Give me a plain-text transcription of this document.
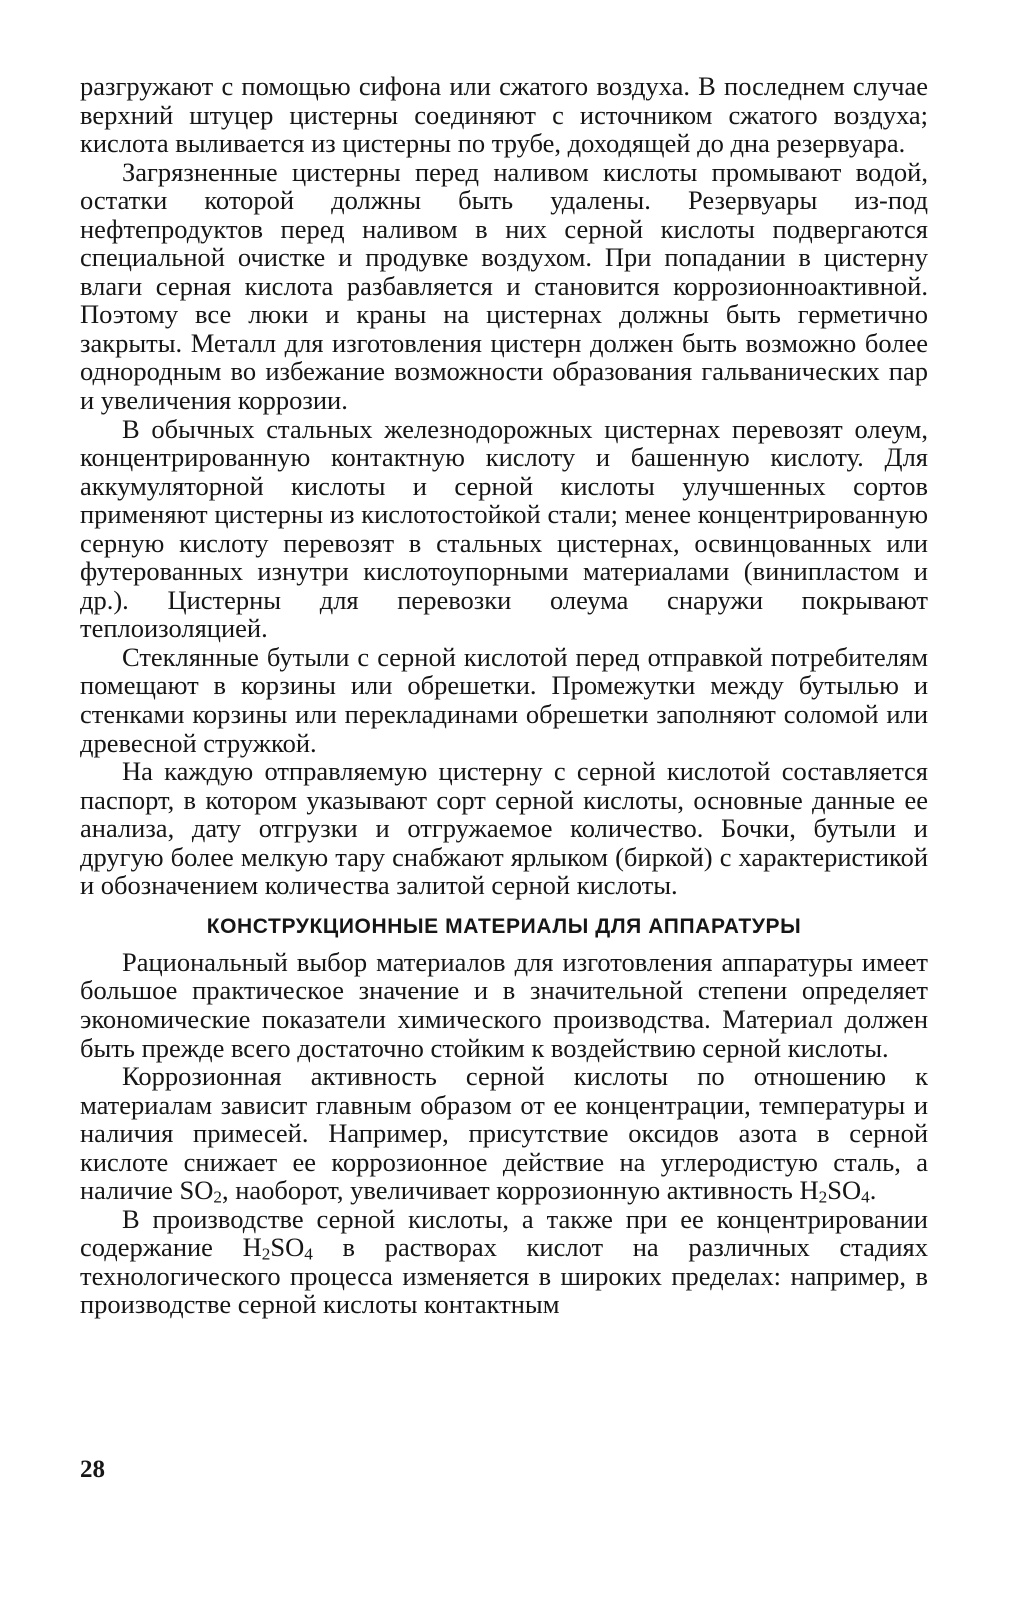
разгружают с помощью сифона или сжатого воздуха. В последнем случае верхний штуцер цистерны соединяют с источником сжатого воздуха; кислота выливается из цистерны по трубе, доходящей до дна резервуара.

Загрязненные цистерны перед наливом кислоты промывают водой, остатки которой должны быть удалены. Резервуары из-под нефтепродуктов перед наливом в них серной кислоты подвергаются специальной очистке и продувке воздухом. При попадании в цистерну влаги серная кислота разбавляется и становится коррозионноактивной. Поэтому все люки и краны на цистернах должны быть герметично закрыты. Металл для изготовления цистерн должен быть возможно более однородным во избежание возможности образования гальванических пар и увеличения коррозии.

В обычных стальных железнодорожных цистернах перевозят олеум, концентрированную контактную кислоту и башенную кислоту. Для аккумуляторной кислоты и серной кислоты улучшенных сортов применяют цистерны из кислотостойкой стали; менее концентрированную серную кислоту перевозят в стальных цистернах, освинцованных или футерованных изнутри кислотоупорными материалами (винипластом и др.). Цистерны для перевозки олеума снаружи покрывают теплоизоляцией.

Стеклянные бутыли с серной кислотой перед отправкой потребителям помещают в корзины или обрешетки. Промежутки между бутылью и стенками корзины или перекладинами обрешетки заполняют соломой или древесной стружкой.

На каждую отправляемую цистерну с серной кислотой составляется паспорт, в котором указывают сорт серной кислоты, основные данные ее анализа, дату отгрузки и отгружаемое количество. Бочки, бутыли и другую более мелкую тару снабжают ярлыком (биркой) с характеристикой и обозначением количества залитой серной кислоты.

КОНСТРУКЦИОННЫЕ МАТЕРИАЛЫ ДЛЯ АППАРАТУРЫ

Рациональный выбор материалов для изготовления аппаратуры имеет большое практическое значение и в значительной степени определяет экономические показатели химического производства. Материал должен быть прежде всего достаточно стойким к воздействию серной кислоты.

Коррозионная активность серной кислоты по отношению к материалам зависит главным образом от ее концентрации, температуры и наличия примесей. Например, присутствие оксидов азота в серной кислоте снижает ее коррозионное действие на углеродистую сталь, а наличие $SO_2$, наоборот, увеличивает коррозионную активность $H_2SO_4$.

В производстве серной кислоты, а также при ее концентрировании содержание $H_2SO_4$ в растворах кислот на различных стадиях технологического процесса изменяется в широких пределах: например, в производстве серной кислоты контактным

28
